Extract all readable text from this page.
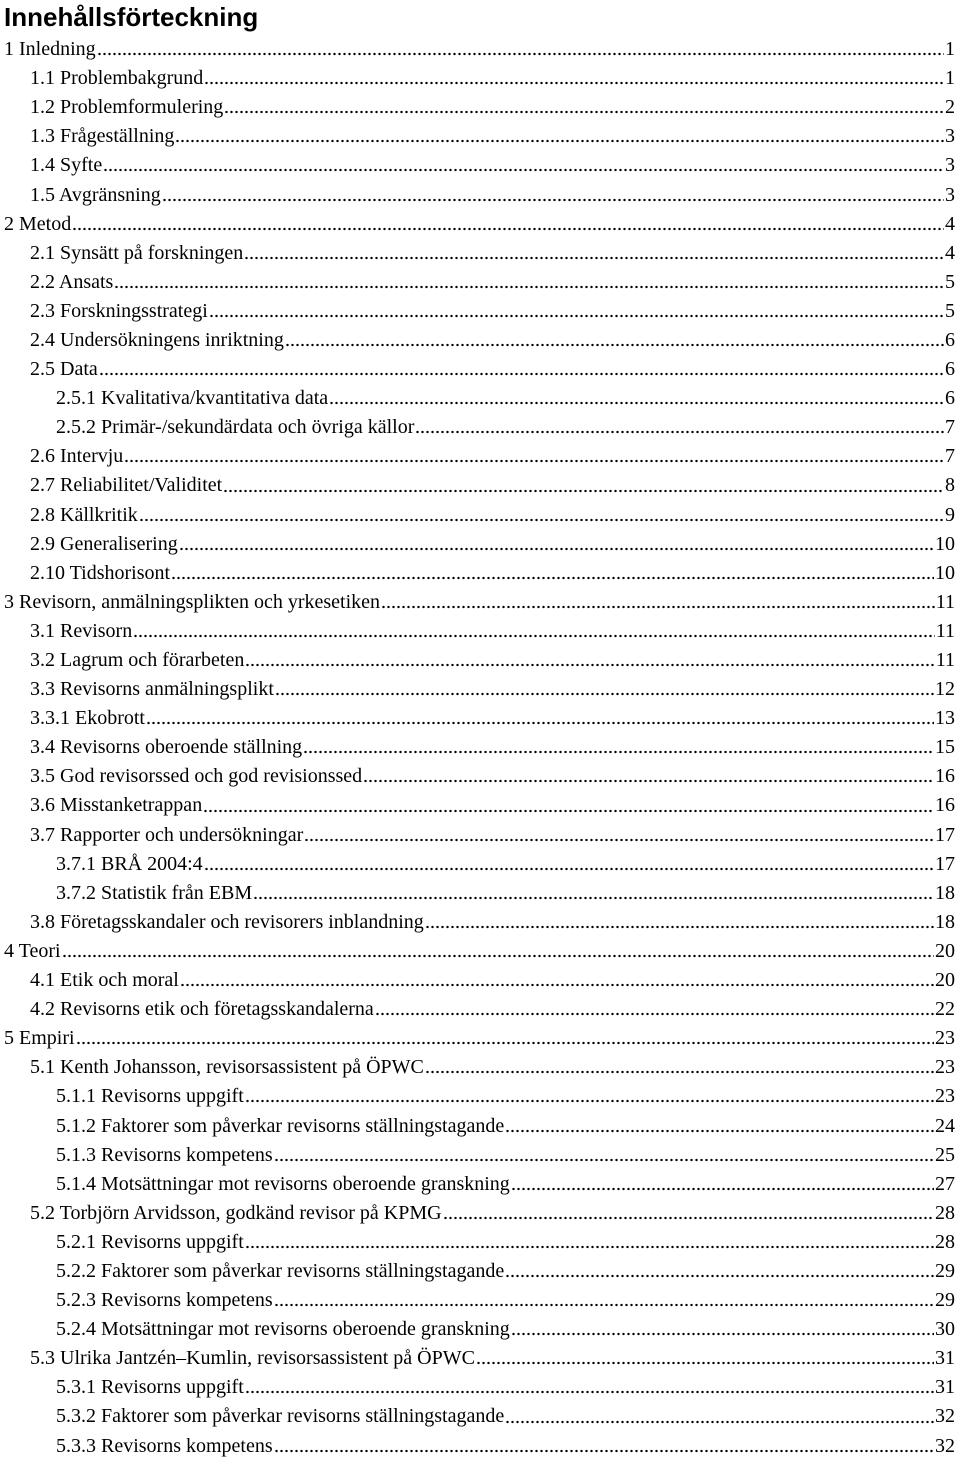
Innehållsförteckning
1 Inledning	1
1.1 Problembakgrund	1
1.2 Problemformulering	2
1.3 Frågeställning	3
1.4 Syfte	3
1.5 Avgränsning	3
2 Metod	4
2.1 Synsätt på forskningen	4
2.2 Ansats	5
2.3 Forskningsstrategi	5
2.4 Undersökningens inriktning	6
2.5 Data	6
2.5.1 Kvalitativa/kvantitativa data	6
2.5.2 Primär-/sekundärdata och övriga källor	7
2.6 Intervju	7
2.7 Reliabilitet/Validitet	8
2.8 Källkritik	9
2.9 Generalisering	10
2.10 Tidshorisont	10
3 Revisorn, anmälningsplikten och yrkesetiken	11
3.1 Revisorn	11
3.2 Lagrum och förarbeten	11
3.3 Revisorns anmälningsplikt	12
3.3.1 Ekobrott	13
3.4 Revisorns oberoende ställning	15
3.5 God revisorssed och god revisionssed	16
3.6 Misstanketrappan	16
3.7 Rapporter och undersökningar	17
3.7.1 BRÅ 2004:4	17
3.7.2 Statistik från EBM	18
3.8 Företagsskandaler och revisorers inblandning	18
4 Teori	20
4.1 Etik och moral	20
4.2 Revisorns etik och företagsskandalerna	22
5 Empiri	23
5.1 Kenth Johansson, revisorsassistent på ÖPWC	23
5.1.1 Revisorns uppgift	23
5.1.2 Faktorer som påverkar revisorns ställningstagande	24
5.1.3 Revisorns kompetens	25
5.1.4 Motsättningar mot revisorns oberoende granskning	27
5.2 Torbjörn Arvidsson, godkänd revisor på KPMG	28
5.2.1 Revisorns uppgift	28
5.2.2 Faktorer som påverkar revisorns ställningstagande	29
5.2.3 Revisorns kompetens	29
5.2.4 Motsättningar mot revisorns oberoende granskning	30
5.3 Ulrika Jantzén–Kumlin, revisorsassistent på ÖPWC	31
5.3.1 Revisorns uppgift	31
5.3.2 Faktorer som påverkar revisorns ställningstagande	32
5.3.3 Revisorns kompetens	32
